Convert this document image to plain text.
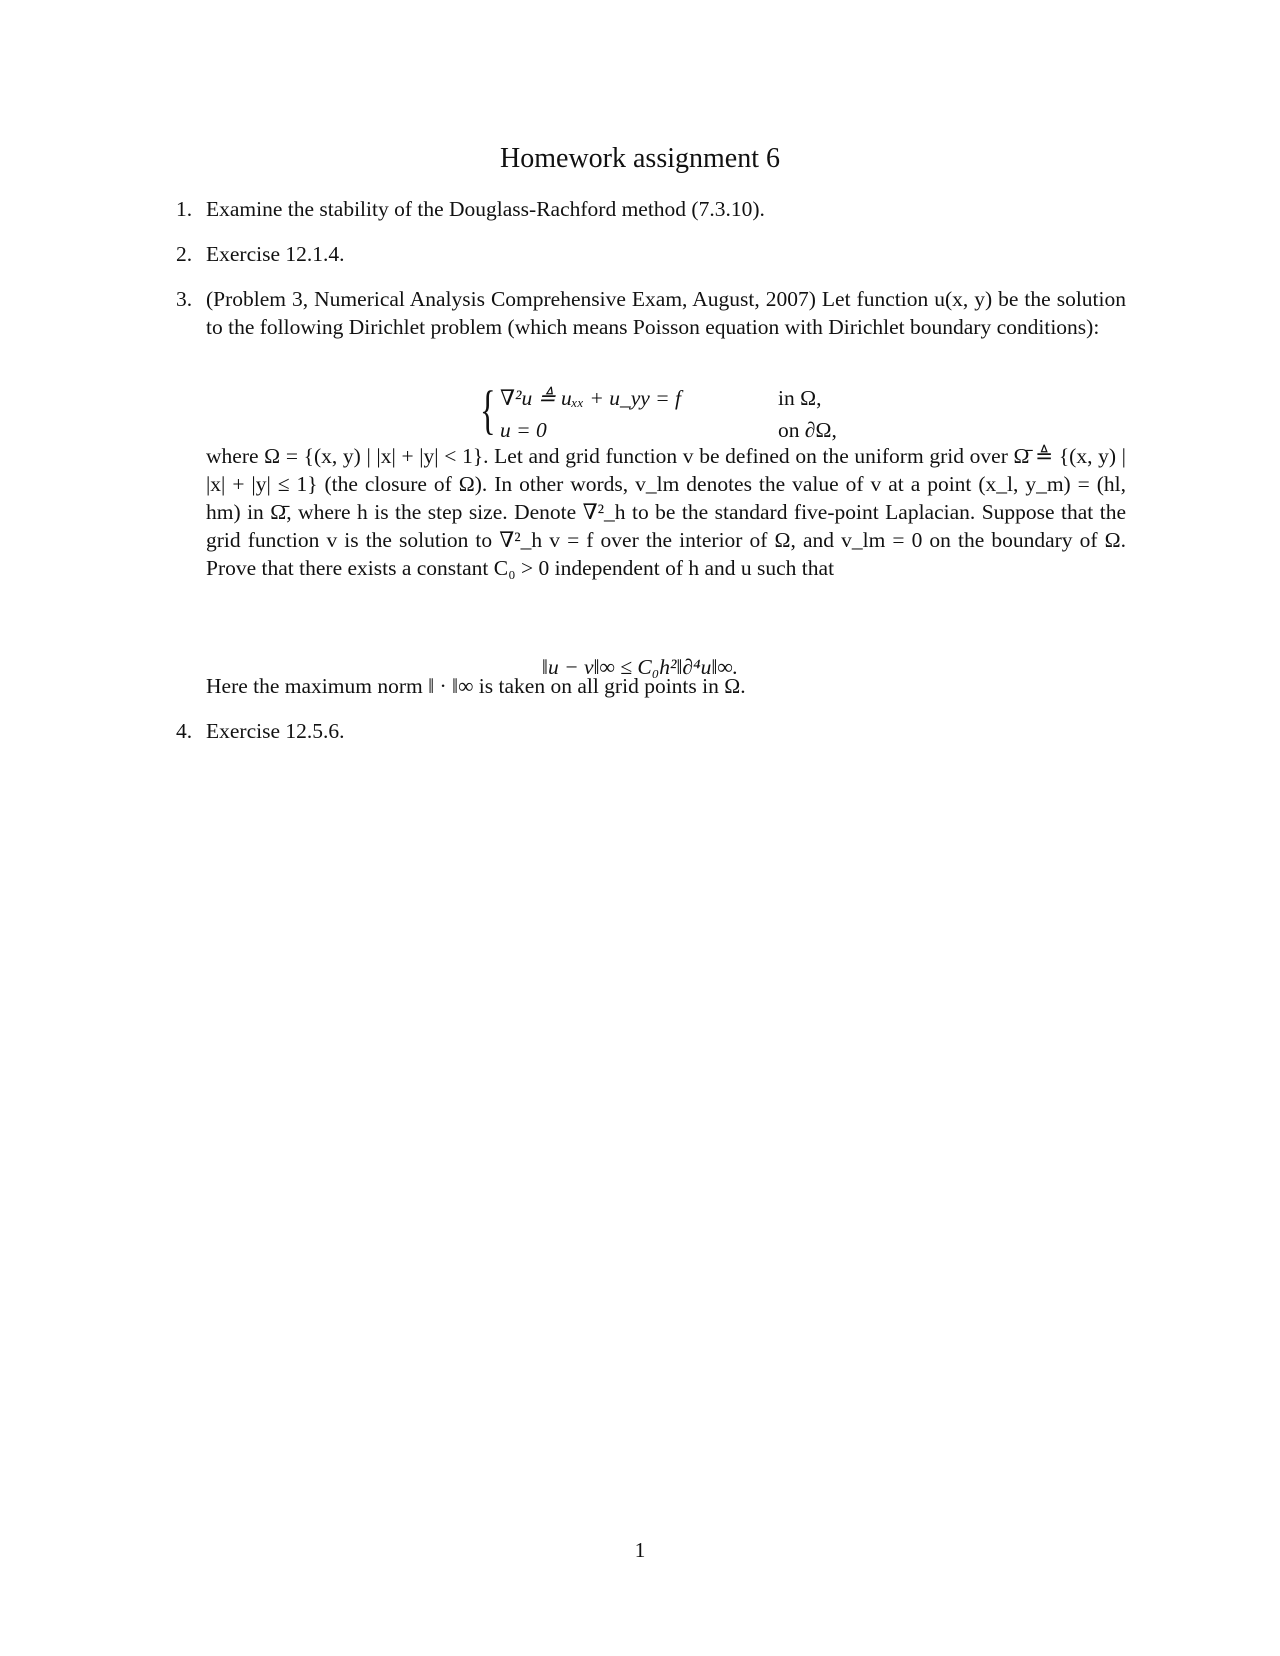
Homework assignment 6
1. Examine the stability of the Douglass-Rachford method (7.3.10).
2. Exercise 12.1.4.
3. (Problem 3, Numerical Analysis Comprehensive Exam, August, 2007) Let function u(x, y) be the solution to the following Dirichlet problem (which means Poisson equation with Dirichlet boundary conditions):
{ ∇²u ≜ uₓₓ + u_yy = f	in Ω,
u = 0	on ∂Ω,
where Ω = {(x, y) | |x| + |y| < 1}. Let and grid function v be defined on the uniform grid over Ω̄ ≜ {(x, y) | |x| + |y| ≤ 1} (the closure of Ω). In other words, v_lm denotes the value of v at a point (x_l, y_m) = (hl, hm) in Ω̄, where h is the step size. Denote ∇²_h to be the standard five-point Laplacian. Suppose that the grid function v is the solution to ∇²_h v = f over the interior of Ω, and v_lm = 0 on the boundary of Ω. Prove that there exists a constant C₀ > 0 independent of h and u such that
‖u − v‖∞ ≤ C₀h²‖∂⁴u‖∞.
Here the maximum norm ‖ · ‖∞ is taken on all grid points in Ω.
4. Exercise 12.5.6.
1
